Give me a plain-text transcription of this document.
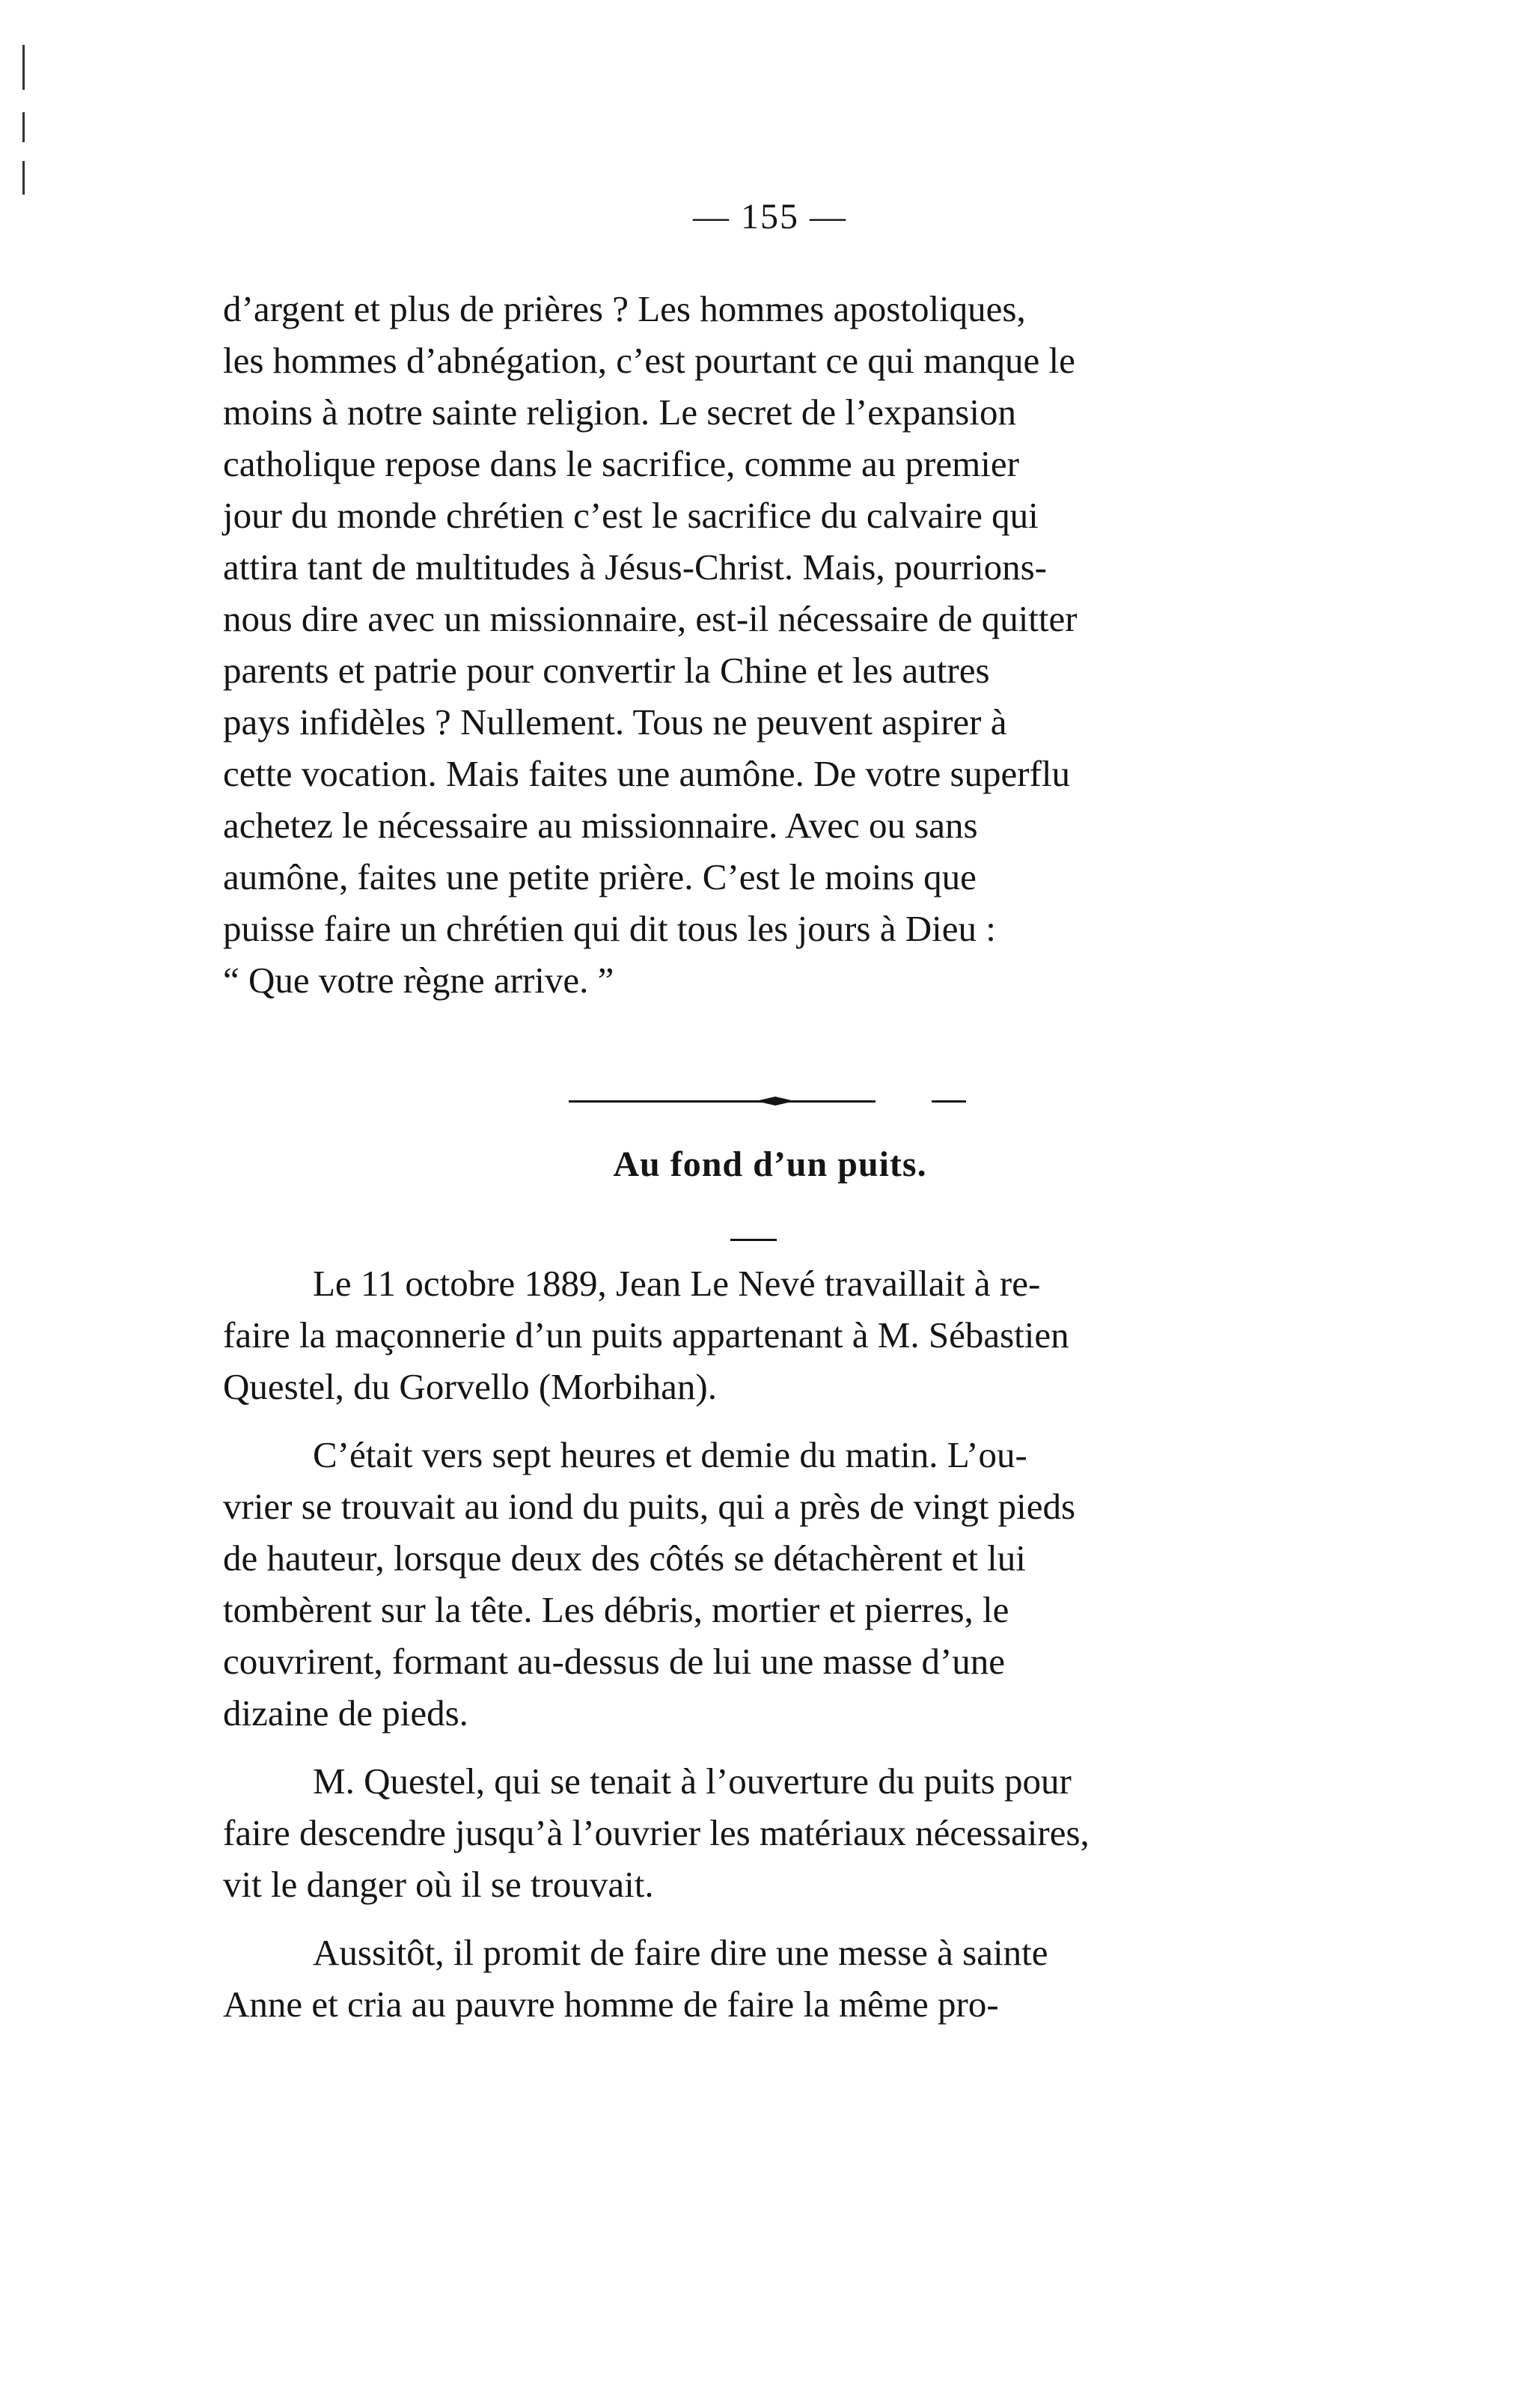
— 155 —

d’argent et plus de prières ? Les hommes apostoliques,

les hommes d’abnégation, c’est pourtant ce qui manque le

moins à notre sainte religion. Le secret de l’expansion

catholique repose dans le sacrifice, comme au premier

jour du monde chrétien c’est le sacrifice du calvaire qui

attira tant de multitudes à Jésus-Christ. Mais, pourrions-

nous dire avec un missionnaire, est-il nécessaire de quitter

parents et patrie pour convertir la Chine et les autres

pays infidèles ? Nullement. Tous ne peuvent aspirer à

cette vocation. Mais faites une aumône. De votre superflu

achetez le nécessaire au missionnaire. Avec ou sans

aumône, faites une petite prière. C’est le moins que

puisse faire un chrétien qui dit tous les jours à Dieu :

“ Que votre règne arrive. ”

Au fond d’un puits.

Le 11 octobre 1889, Jean Le Nevé travaillait à re-

faire la maçonnerie d’un puits appartenant à M. Sébastien

Questel, du Gorvello (Morbihan).

C’était vers sept heures et demie du matin. L’ou-

vrier se trouvait au iond du puits, qui a près de vingt pieds

de hauteur, lorsque deux des côtés se détachèrent et lui

tombèrent sur la tête. Les débris, mortier et pierres, le

couvrirent, formant au-dessus de lui une masse d’une

dizaine de pieds.

M. Questel, qui se tenait à l’ouverture du puits pour

faire descendre jusqu’à l’ouvrier les matériaux nécessaires,

vit le danger où il se trouvait.

Aussitôt, il promit de faire dire une messe à sainte

Anne et cria au pauvre homme de faire la même pro-
